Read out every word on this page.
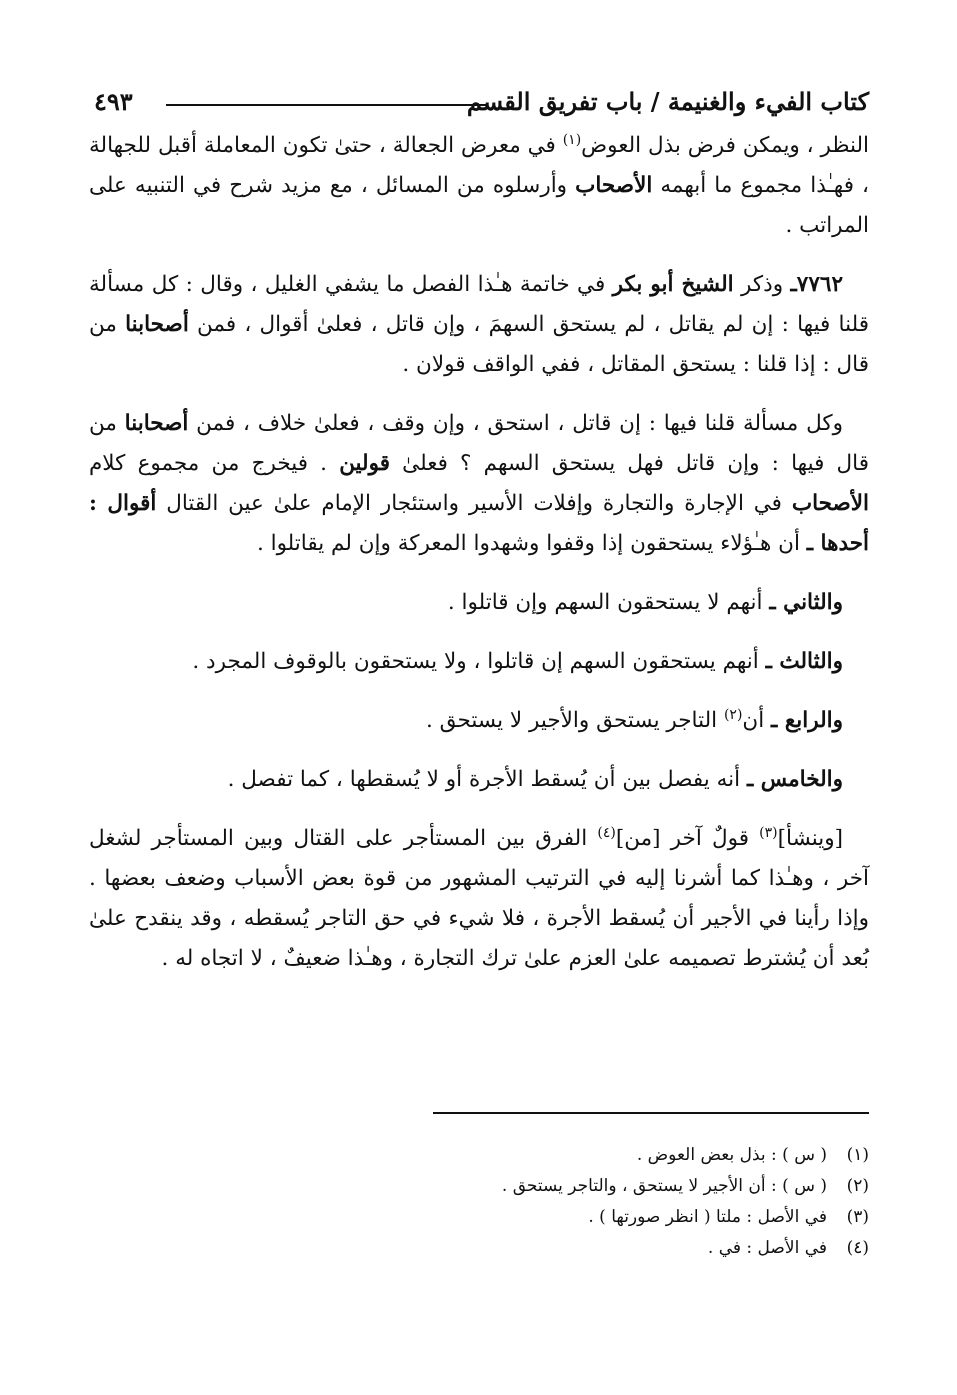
كتاب الفيء والغنيمة / باب تفريق القسم
٤٩٣

النظر ، ويمكن فرض بذل العوض$^{(١)}$ في معرض الجعالة ، حتىٰ تكون المعاملة أقبل للجهالة ، فهـٰذا مجموع ما أبهمه الأصحاب وأرسلوه من المسائل ، مع مزيد شرح في التنبيه على المراتب .

٧٧٦٢ـ وذكر الشيخ أبو بكر في خاتمة هـٰذا الفصل ما يشفي الغليل ، وقال : كل مسألة قلنا فيها : إن لم يقاتل ، لم يستحق السهمَ ، وإن قاتل ، فعلىٰ أقوال ، فمن أصحابنا من قال : إذا قلنا : يستحق المقاتل ، ففي الواقف قولان .

وكل مسألة قلنا فيها : إن قاتل ، استحق ، وإن وقف ، فعلىٰ خلاف ، فمن أصحابنا من قال فيها : وإن قاتل فهل يستحق السهم ؟ فعلىٰ قولين . فيخرج من مجموع كلام الأصحاب في الإجارة والتجارة وإفلات الأسير واستئجار الإمام علىٰ عين القتال أقوال : أحدها ـ أن هـٰؤلاء يستحقون إذا وقفوا وشهدوا المعركة وإن لم يقاتلوا .

والثاني ـ أنهم لا يستحقون السهم وإن قاتلوا .

والثالث ـ أنهم يستحقون السهم إن قاتلوا ، ولا يستحقون بالوقوف المجرد .

والرابع ـ أن$^{(٢)}$ التاجر يستحق والأجير لا يستحق .

والخامس ـ أنه يفصل بين أن يُسقط الأجرة أو لا يُسقطها ، كما تفصل .

[وينشأ]$^{(٣)}$ قولٌ آخر [من]$^{(٤)}$ الفرق بين المستأجر على القتال وبين المستأجر لشغل آخر ، وهـٰذا كما أشرنا إليه في الترتيب المشهور من قوة بعض الأسباب وضعف بعضها . وإذا رأينا في الأجير أن يُسقط الأجرة ، فلا شيء في حق التاجر يُسقطه ، وقد ينقدح علىٰ بُعد أن يُشترط تصميمه علىٰ العزم علىٰ ترك التجارة ، وهـٰذا ضعيفٌ ، لا اتجاه له .

(١)( س ) : بذل بعض العوض .
(٢)( س ) : أن الأجير لا يستحق ، والتاجر يستحق .
(٣)في الأصل : ملتا ( انظر صورتها ) .
(٤)في الأصل : في .
